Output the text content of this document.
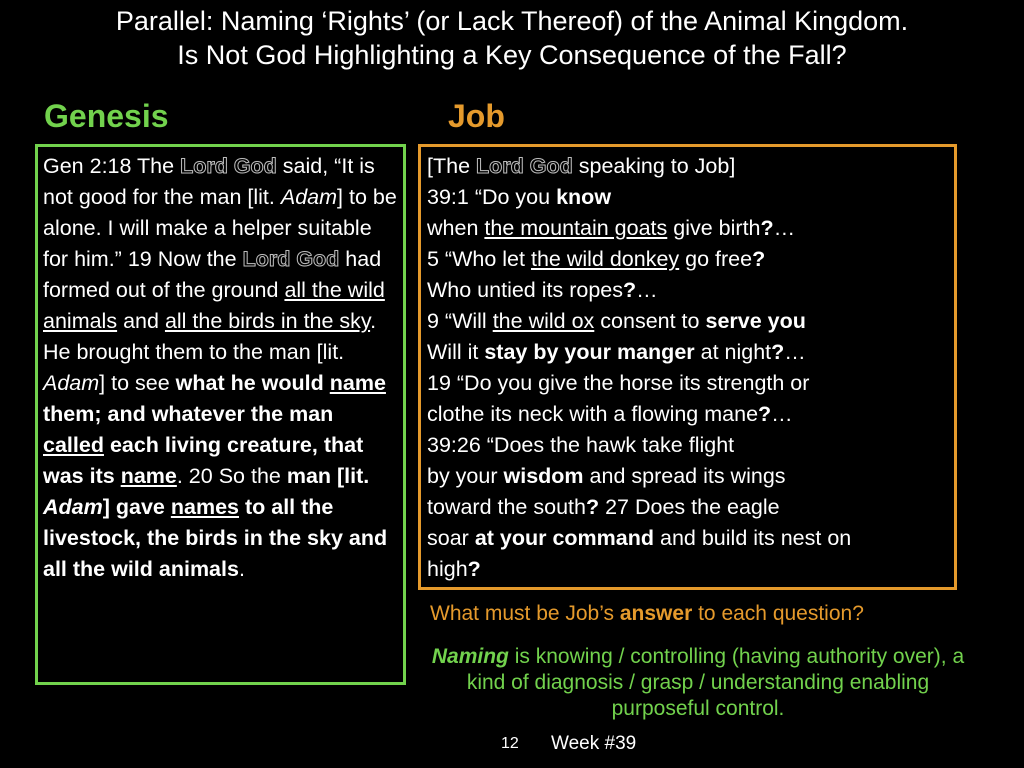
Parallel: Naming ‘Rights’ (or Lack Thereof) of the Animal Kingdom.
Is Not God Highlighting a Key Consequence of the Fall?
Genesis	Job
Gen 2:18 The Lord God said, “It is not good for the man [lit. Adam] to be alone. I will make a helper suitable for him.” 19 Now the Lord God had formed out of the ground all the wild animals and all the birds in the sky. He brought them to the man [lit. Adam] to see what he would name them; and whatever the man called each living creature, that was its name. 20 So the man [lit. Adam] gave names to all the livestock, the birds in the sky and all the wild animals.
[The Lord God speaking to Job]
39:1 “Do you know
when the mountain goats give birth?…
5 “Who let the wild donkey go free?
Who untied its ropes?…
9 “Will the wild ox consent to serve you
Will it stay by your manger at night?…
19 “Do you give the horse its strength or
clothe its neck with a flowing mane?…
39:26 “Does the hawk take flight
by your wisdom and spread its wings
toward the south? 27 Does the eagle
soar at your command and build its nest on
high?
What must be Job’s answer to each question?
Naming is knowing / controlling (having authority over), a kind of diagnosis / grasp / understanding enabling purposeful control.
12 Week #39
